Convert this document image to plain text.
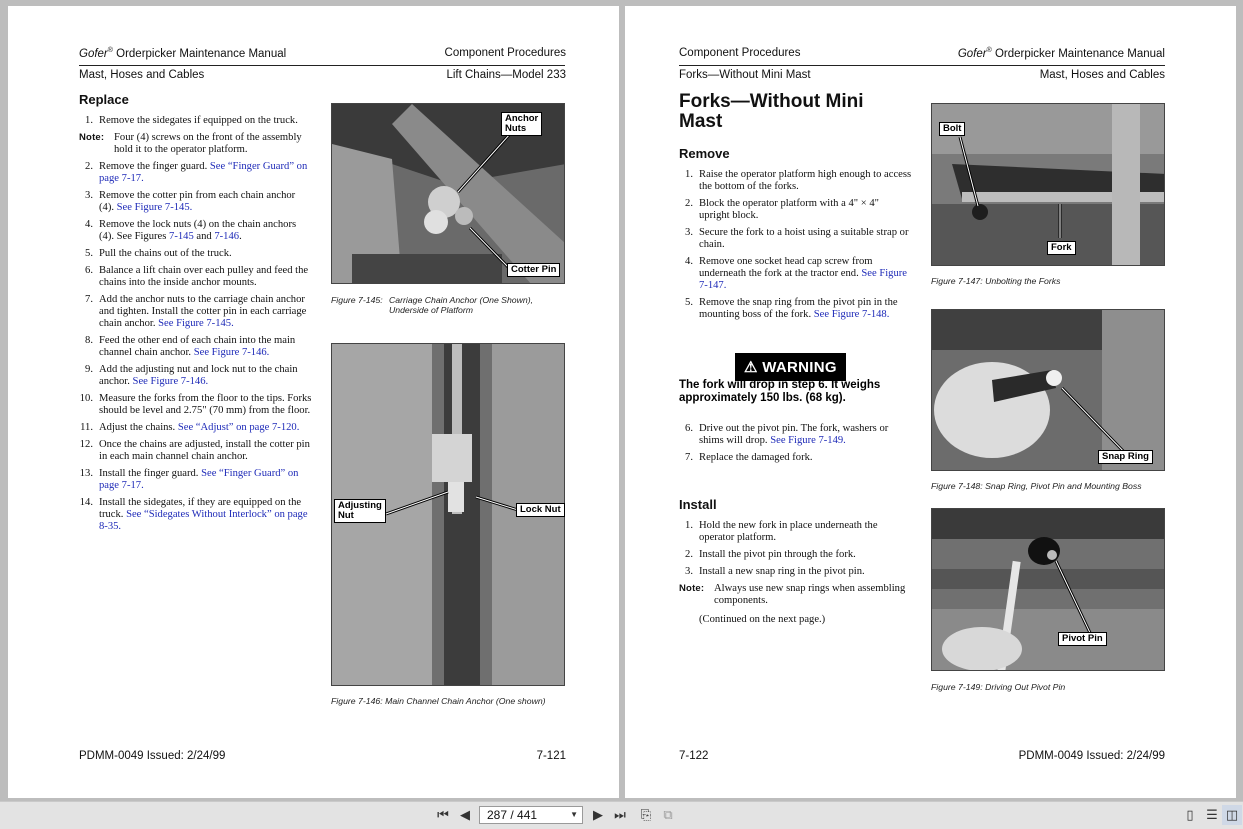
Gofer® Orderpicker Maintenance Manual	Component Procedures
Mast, Hoses and Cables	Lift Chains—Model 233
Replace
1. Remove the sidegates if equipped on the truck.
Note: Four (4) screws on the front of the assembly hold it to the operator platform.
2. Remove the finger guard. See “Finger Guard” on page 7-17.
3. Remove the cotter pin from each chain anchor (4). See Figure 7-145.
4. Remove the lock nuts (4) on the chain anchors (4). See Figures 7-145 and 7-146.
5. Pull the chains out of the truck.
6. Balance a lift chain over each pulley and feed the chains into the inside anchor mounts.
7. Add the anchor nuts to the carriage chain anchor and tighten. Install the cotter pin in each carriage chain anchor. See Figure 7-145.
8. Feed the other end of each chain into the main channel chain anchor. See Figure 7-146.
9. Add the adjusting nut and lock nut to the chain anchor. See Figure 7-146.
10. Measure the forks from the floor to the tips. Forks should be level and 2.75" (70 mm) from the floor.
11. Adjust the chains. See “Adjust” on page 7-120.
12. Once the chains are adjusted, install the cotter pin in each main channel chain anchor.
13. Install the finger guard. See “Finger Guard” on page 7-17.
14. Install the sidegates, if they are equipped on the truck. See “Sidegates Without Interlock” on page 8-35.
Anchor
Nuts
Cotter Pin
Figure 7-145: Carriage Chain Anchor (One Shown),
Underside of Platform
Adjusting
Nut
Lock Nut
Figure 7-146: Main Channel Chain Anchor (One shown)
PDMM-0049 Issued: 2/24/99	7-121
Component Procedures	Gofer® Orderpicker Maintenance Manual
Forks—Without Mini Mast	Mast, Hoses and Cables
Forks—Without Mini Mast
Remove
1. Raise the operator platform high enough to access the bottom of the forks.
2. Block the operator platform with a 4" × 4" upright block.
3. Secure the fork to a hoist using a suitable strap or chain.
4. Remove one socket head cap screw from underneath the fork at the tractor end. See Figure 7-147.
5. Remove the snap ring from the pivot pin in the mounting boss of the fork. See Figure 7-148.
⚠ WARNING
The fork will drop in step 6. It weighs approximately 150 lbs. (68 kg).
6. Drive out the pivot pin. The fork, washers or shims will drop. See Figure 7-149.
7. Replace the damaged fork.
Install
1. Hold the new fork in place underneath the operator platform.
2. Install the pivot pin through the fork.
3. Install a new snap ring in the pivot pin.
Note: Always use new snap rings when assembling components.
(Continued on the next page.)
Bolt
Fork
Figure 7-147: Unbolting the Forks
Snap Ring
Figure 7-148: Snap Ring, Pivot Pin and Mounting Boss
Pivot Pin
Figure 7-149: Driving Out Pivot Pin
7-122	PDMM-0049 Issued: 2/24/99
⏮ ◀	287 / 441	▼ ▶ ⏭ ⎘ ⧉	▯ ☰ ◫
